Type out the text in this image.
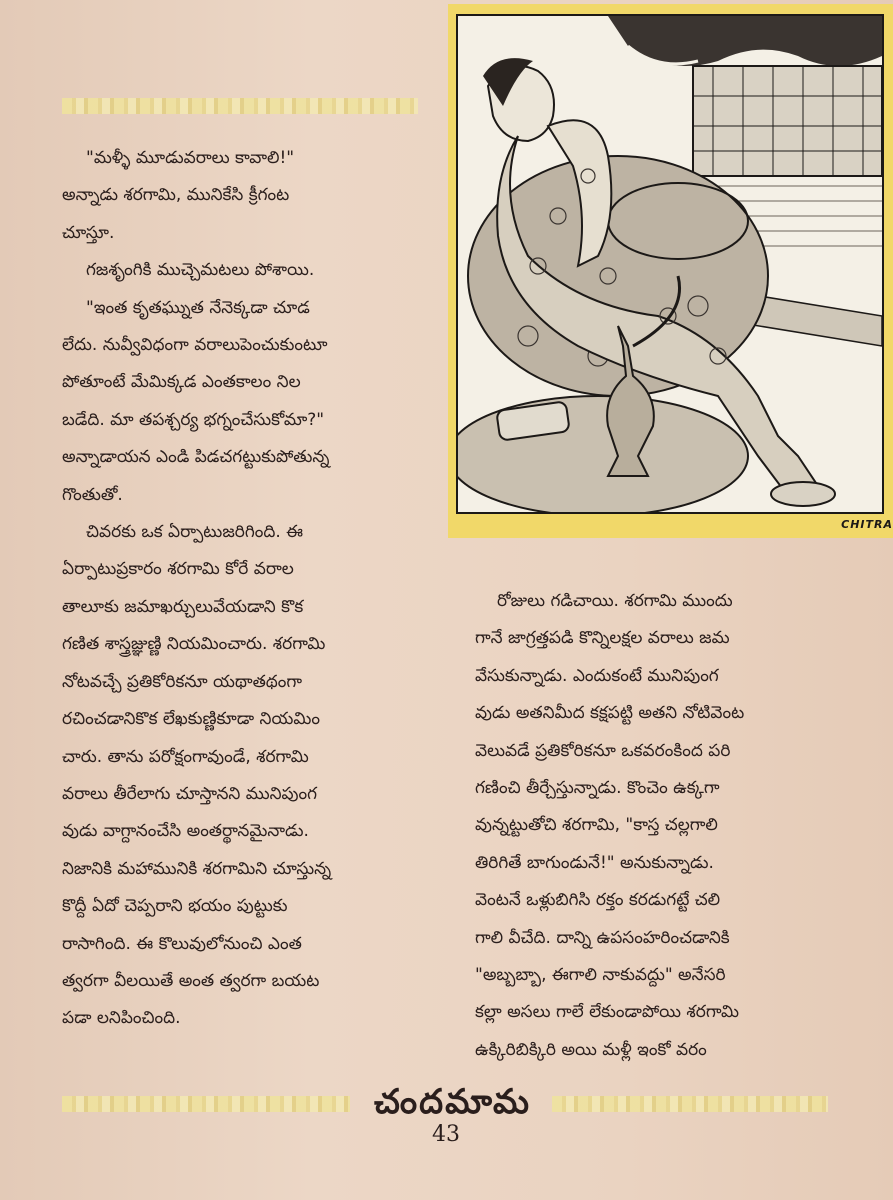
CHITRA

"మళ్ళీ మూడువరాలు కావాలి!"

అన్నాడు శరగామి, మునికేసి క్రీగంట

చూస్తూ.

గజశృంగికి ముచ్చెమటలు పోశాయి.

"ఇంత కృతఘ్నుత నేనెక్కడా చూడ

లేదు. నువ్వీవిధంగా వరాలుపెంచుకుంటూ

పోతూంటే మేమిక్కడ ఎంతకాలం నిల

బడేది. మా తపశ్చర్య భగ్నంచేసుకోమా?"

అన్నాడాయన ఎండి పిడచగట్టుకుపోతున్న

గొంతుతో.

చివరకు ఒక ఏర్పాటుజరిగింది. ఈ

ఏర్పాటుప్రకారం శరగామి కోరే వరాల

తాలూకు జమాఖర్చులువేయడాని కొక

గణిత శాస్త్రజ్ఞుణ్ణి నియమించారు. శరగామి

నోటవచ్చే ప్రతికోరికనూ యథాతథంగా

రచించడానికొక లేఖకుణ్ణికూడా నియమిం

చారు. తాను పరోక్షంగావుండే, శరగామి

వరాలు తీరేలాగు చూస్తానని మునిపుంగ

వుడు వాగ్దానంచేసి అంతర్థానమైనాడు.

నిజానికి మహామునికి శరగామిని చూస్తున్న

కొద్దీ ఏదో చెప్పరాని భయం పుట్టుకు

రాసాగింది. ఈ కొలువులోనుంచి ఎంత

త్వరగా వీలయితే అంత త్వరగా బయట

పడా లనిపించింది.

రోజులు గడిచాయి. శరగామి ముందు

గానే జాగ్రత్తపడి కొన్నిలక్షల వరాలు జమ

వేసుకున్నాడు. ఎందుకంటే మునిపుంగ

వుడు అతనిమీద కక్షపట్టి అతని నోటివెంట

వెలువడే ప్రతికోరికనూ ఒకవరంకింద పరి

గణించి తీర్చేస్తున్నాడు. కొంచెం ఉక్కగా

వున్నట్టుతోచి శరగామి, "కాస్త చల్లగాలి

తిరిగితే బాగుండునే!" అనుకున్నాడు.

వెంటనే ఒళ్లుబిగిసి రక్తం కరడుగట్టే చలి

గాలి వీచేది. దాన్ని ఉపసంహరించడానికి

"అబ్బబ్బా, ఈగాలి నాకువద్దు" అనేసరి

కల్లా అసలు గాలే లేకుండాపోయి శరగామి

ఉక్కిరిబిక్కిరి అయి మళ్లీ ఇంకో వరం

చందమామ
43
